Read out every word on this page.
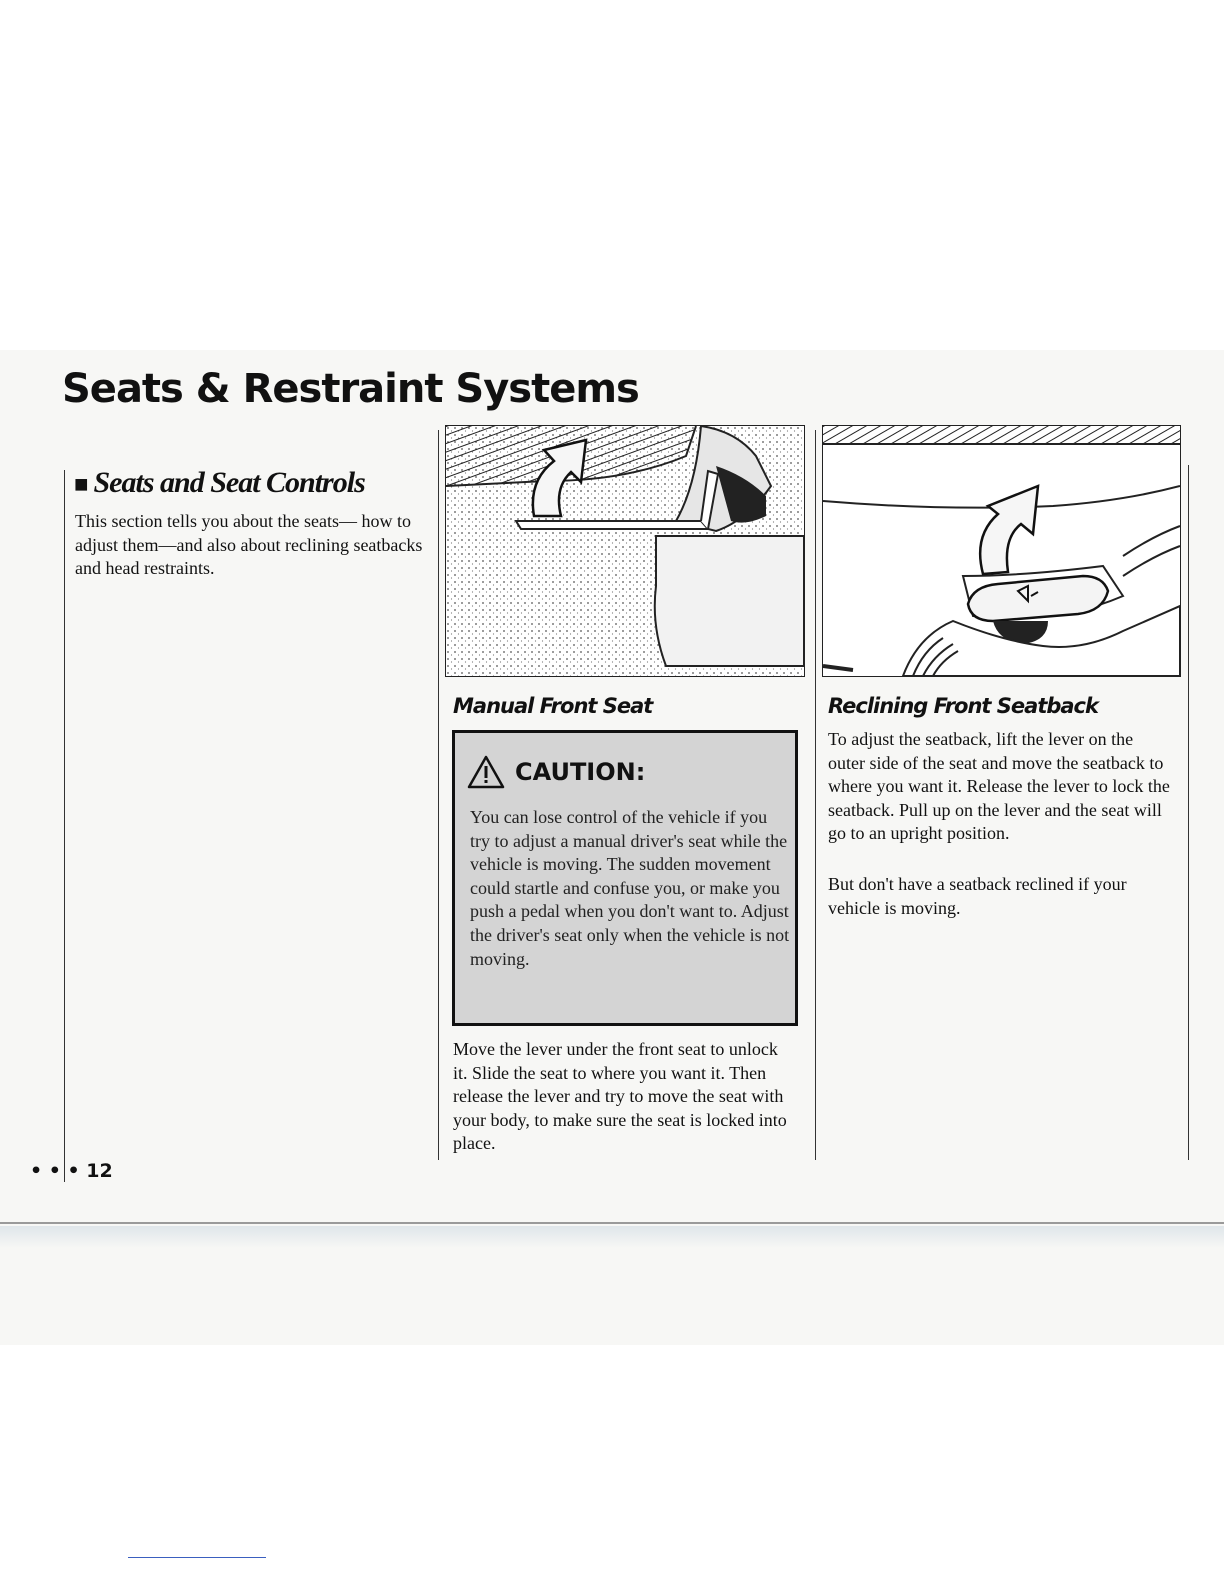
Seats & Restraint Systems
■ Seats and Seat Controls

This section tells you about the seats— how to adjust them—and also about reclining seatbacks and head restraints.

Manual Front Seat
CAUTION:

You can lose control of the vehicle if you try to adjust a manual driver's seat while the vehicle is moving. The sudden movement could startle and confuse you, or make you push a pedal when you don't want to. Adjust the driver's seat only when the vehicle is not moving.

Move the lever under the front seat to unlock it. Slide the seat to where you want it. Then release the lever and try to move the seat with your body, to make sure the seat is locked into place.

Reclining Front Seatback

To adjust the seatback, lift the lever on the outer side of the seat and move the seatback to where you want it. Release the lever to lock the seatback. Pull up on the lever and the seat will go to an upright position.

But don't have a seatback reclined if your vehicle is moving.

• • • 12
